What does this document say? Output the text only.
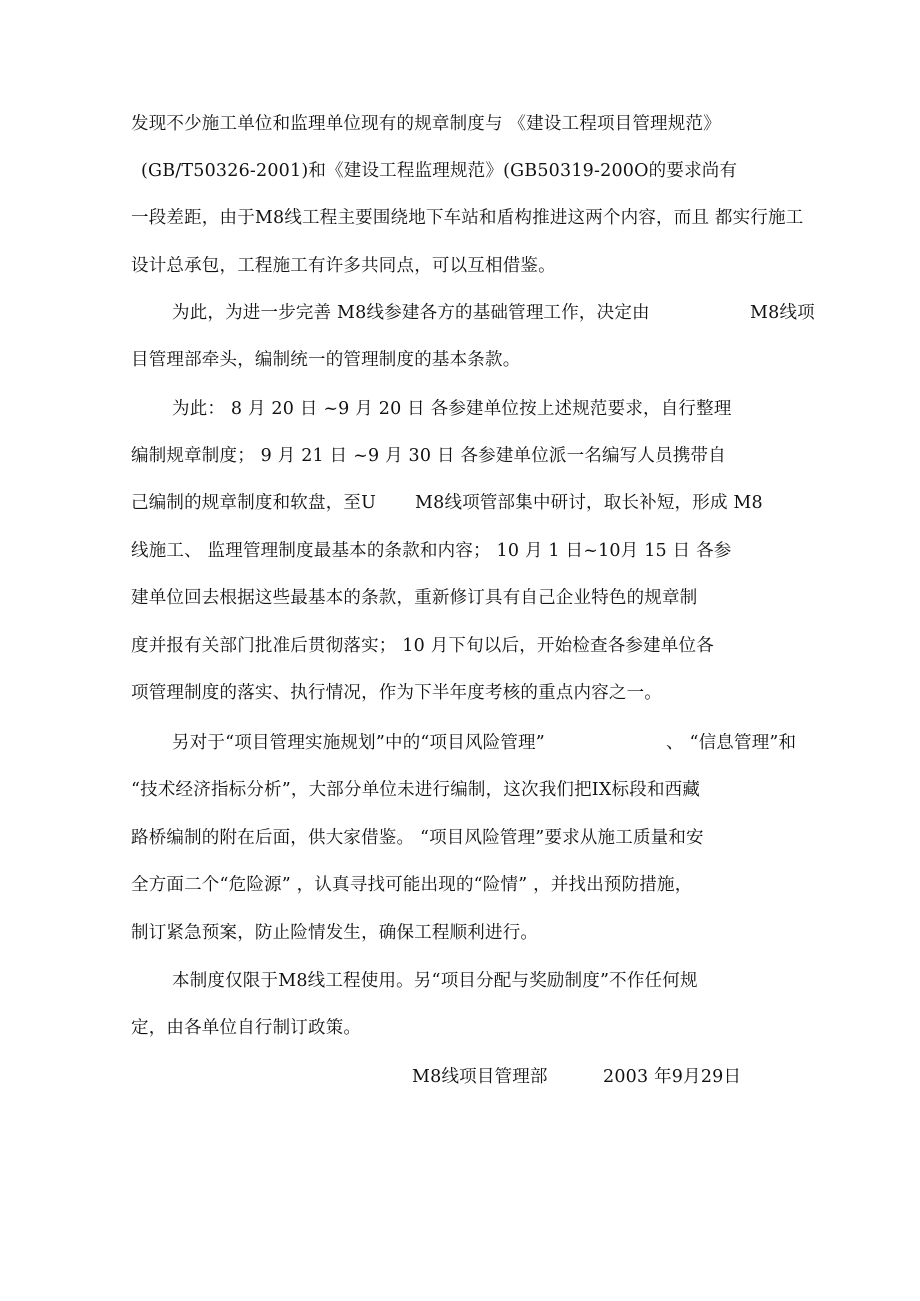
发现不少施工单位和监理单位现有的规章制度与 《建设工程项目管理规范》
(GB/T50326-2001)和《建设工程监理规范》(GB50319-200O的要求尚有
一段差距，由于M8线工程主要围绕地下车站和盾构推进这两个内容，而且 都实行施工
设计总承包，工程施工有许多共同点，可以互相借鉴。
为此，为进一步完善 M8线参建各方的基础管理工作，决定由	M8线项
目管理部牵头，编制统一的管理制度的基本条款。
为此： 8 月 20 日 ~9 月 20 日 各参建单位按上述规范要求，自行整理
编制规章制度； 9 月 21 日 ~9 月 30 日 各参建单位派一名编写人员携带自
己编制的规章制度和软盘，至U M8线项管部集中研讨，取长补短，形成 M8
线施工、 监理管理制度最基本的条款和内容； 10 月 1 日~10月 15 日 各参
建单位回去根据这些最基本的条款，重新修订具有自己企业特色的规章制
度并报有关部门批准后贯彻落实； 10 月下旬以后，开始检查各参建单位各
项管理制度的落实、执行情况，作为下半年度考核的重点内容之一。
另对于“项目管理实施规划”中的“项目风险管理”	、 “信息管理”和
“技术经济指标分析”，大部分单位未进行编制，这次我们把IX标段和西藏
路桥编制的附在后面，供大家借鉴。 “项目风险管理”要求从施工质量和安
全方面二个“危险源” ，认真寻找可能出现的“险情” ，并找出预防措施，
制订紧急预案，防止险情发生，确保工程顺利进行。
本制度仅限于M8线工程使用。另“项目分配与奖励制度”不作任何规
定，由各单位自行制订政策。
M8线项目管理部	2003 年9月29日
